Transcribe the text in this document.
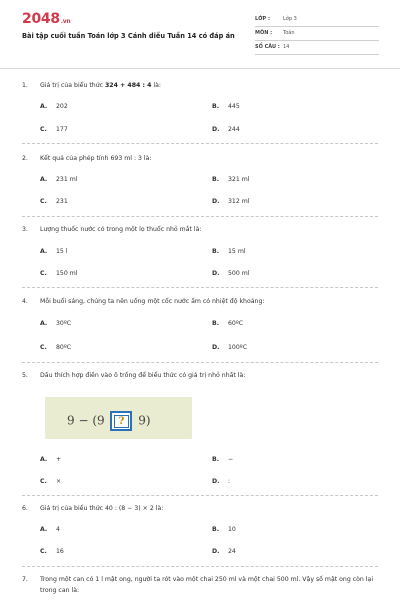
2048.vn
Bài tập cuối tuần Toán lớp 3 Cánh diều Tuần 14 có đáp án
LỚP :	Lớp 3
MÔN : Toán
SỐ CÂU : 14
1. Giá trị của biểu thức 324 + 484 : 4 là:
A. 202	B. 445
C. 177	D. 244
2. Kết quả của phép tính 693 ml : 3 là:
A. 231 ml	B. 321 ml
C. 231	D. 312 ml
3. Lượng thuốc nước có trong một lọ thuốc nhỏ mắt là:
A. 15 l	B. 15 ml
C. 150 ml	D. 500 ml
4. Mỗi buổi sáng, chúng ta nên uống một cốc nước ấm có nhiệt độ khoảng:
A. 30ºC	B. 60ºC
C. 80ºC	D. 100ºC
5. Dấu thích hợp điền vào ô trống để biểu thức có giá trị nhỏ nhất là:
9 − (9 ? 9)
A. +	B. −
C. ×	D. :
6. Giá trị của biểu thức 40 : (8 − 3) × 2 là:
A. 4	B. 10
C. 16	D. 24
7. Trong một can có 1 l mật ong, người ta rót vào một chai 250 ml và một chai 500 ml. Vậy số mật ong còn lại trong can là:
